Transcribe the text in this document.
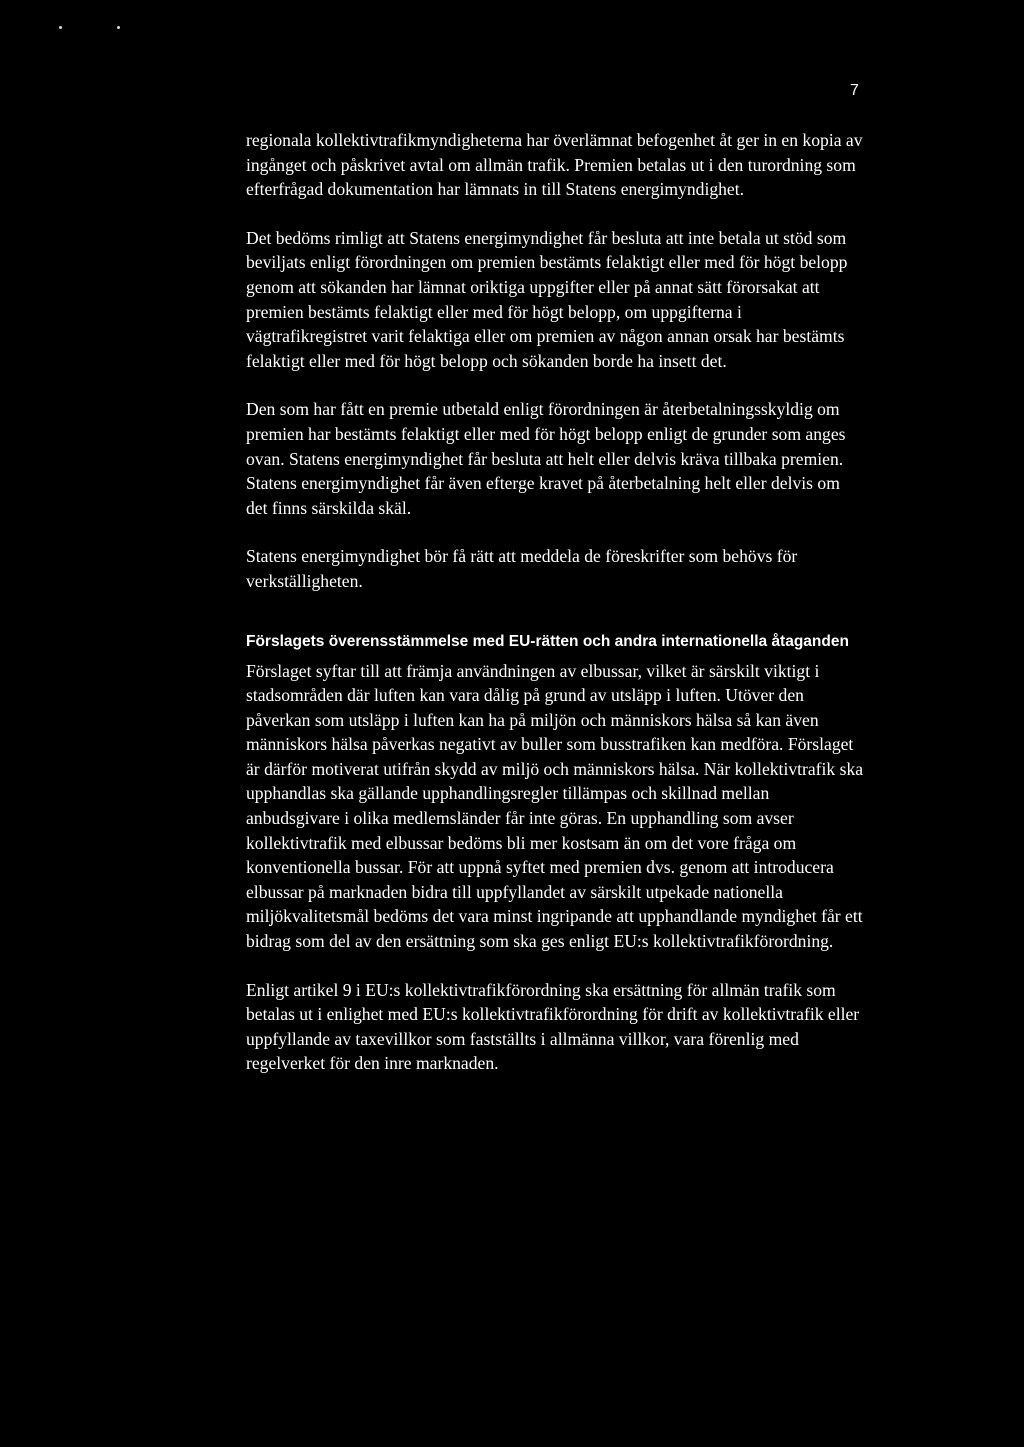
7

regionala kollektivtrafikmyndigheterna har överlämnat befogenhet åt ger in en kopia av ingånget och påskrivet avtal om allmän trafik. Premien betalas ut i den turordning som efterfrågad dokumentation har lämnats in till Statens energimyndighet.

Det bedöms rimligt att Statens energimyndighet får besluta att inte betala ut stöd som beviljats enligt förordningen om premien bestämts felaktigt eller med för högt belopp genom att sökanden har lämnat oriktiga uppgifter eller på annat sätt förorsakat att premien bestämts felaktigt eller med för högt belopp, om uppgifterna i vägtrafikregistret varit felaktiga eller om premien av någon annan orsak har bestämts felaktigt eller med för högt belopp och sökanden borde ha insett det.

Den som har fått en premie utbetald enligt förordningen är återbetalningsskyldig om premien har bestämts felaktigt eller med för högt belopp enligt de grunder som anges ovan. Statens energimyndighet får besluta att helt eller delvis kräva tillbaka premien. Statens energimyndighet får även efterge kravet på återbetalning helt eller delvis om det finns särskilda skäl.

Statens energimyndighet bör få rätt att meddela de föreskrifter som behövs för verkställigheten.

Förslagets överensstämmelse med EU-rätten och andra internationella åtaganden

Förslaget syftar till att främja användningen av elbussar, vilket är särskilt viktigt i stadsområden där luften kan vara dålig på grund av utsläpp i luften. Utöver den påverkan som utsläpp i luften kan ha på miljön och människors hälsa så kan även människors hälsa påverkas negativt av buller som busstrafiken kan medföra. Förslaget är därför motiverat utifrån skydd av miljö och människors hälsa. När kollektivtrafik ska upphandlas ska gällande upphandlingsregler tillämpas och skillnad mellan anbudsgivare i olika medlemsländer får inte göras. En upphandling som avser kollektivtrafik med elbussar bedöms bli mer kostsam än om det vore fråga om konventionella bussar. För att uppnå syftet med premien dvs. genom att introducera elbussar på marknaden bidra till uppfyllandet av särskilt utpekade nationella miljökvalitetsmål bedöms det vara minst ingripande att upphandlande myndighet får ett bidrag som del av den ersättning som ska ges enligt EU:s kollektivtrafikförordning.

Enligt artikel 9 i EU:s kollektivtrafikförordning ska ersättning för allmän trafik som betalas ut i enlighet med EU:s kollektivtrafikförordning för drift av kollektivtrafik eller uppfyllande av taxevillkor som fastställts i allmänna villkor, vara förenlig med regelverket för den inre marknaden.
